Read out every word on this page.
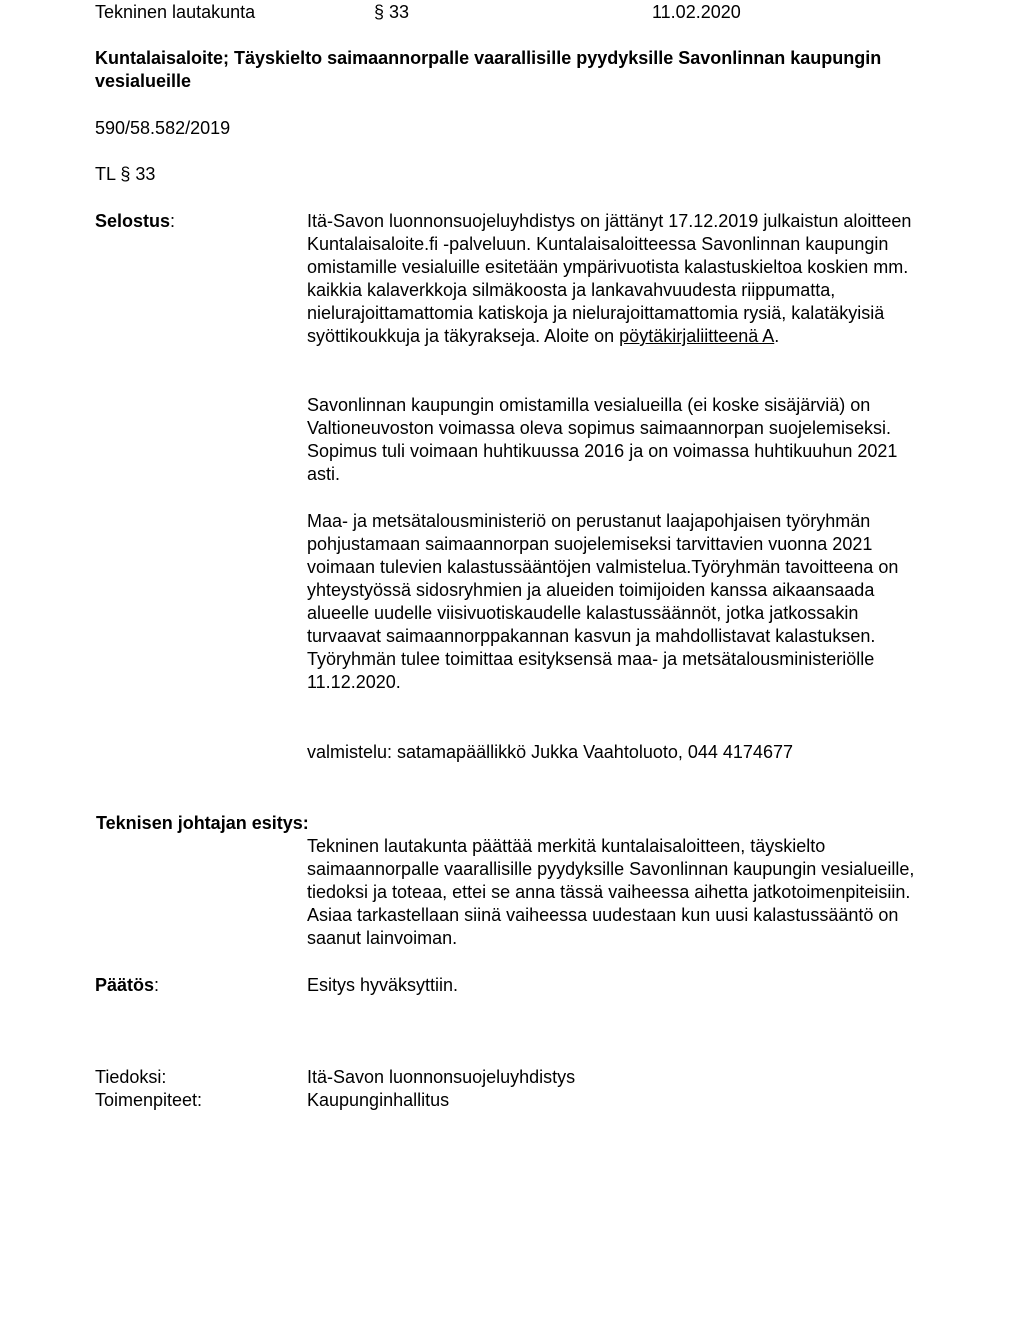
Tekninen lautakunta	§ 33	11.02.2020
Kuntalaisaloite; Täyskielto saimaannorpalle vaarallisille pyydyksille Savonlinnan kaupungin vesialueille

590/58.582/2019

TL § 33

Selostus:	Itä-Savon luonnonsuojeluyhdistys on jättänyt 17.12.2019 julkaistun aloitteen Kuntalaisaloite.fi -palveluun. Kuntalaisaloitteessa Savonlinnan kaupungin omistamille vesialuille esitetään ympärivuotista kalastuskieltoa koskien mm. kaikkia kalaverkkoja silmäkoosta ja lankavahvuudesta riippumatta, nielurajoittamattomia katiskoja ja nielurajoittamattomia rysiä, kalatäkyisiä syöttikoukkuja ja täkyrakseja. Aloite on pöytäkirjaliitteenä A.

Savonlinnan kaupungin omistamilla vesialueilla (ei koske sisäjärviä) on Valtioneuvoston voimassa oleva sopimus saimaannorpan suojelemiseksi. Sopimus tuli voimaan huhtikuussa 2016 ja on voimassa huhtikuuhun 2021 asti.

Maa- ja metsätalousministeriö on perustanut laajapohjaisen työryhmän pohjustamaan saimaannorpan suojelemiseksi tarvittavien vuonna 2021 voimaan tulevien kalastussääntöjen valmistelua.Työryhmän tavoitteena on yhteystyössä sidosryhmien ja alueiden toimijoiden kanssa aikaansaada alueelle uudelle viisivuotiskaudelle kalastussäännöt, jotka jatkossakin turvaavat saimaannorppakannan kasvun ja mahdollistavat kalastuksen. Työryhmän tulee toimittaa esityksensä maa- ja metsätalousministeriölle 11.12.2020.

valmistelu: satamapäällikkö Jukka Vaahtoluoto, 044 4174677

Teknisen johtajan esitys:

Tekninen lautakunta päättää merkitä kuntalaisaloitteen, täyskielto saimaannorpalle vaarallisille pyydyksille Savonlinnan kaupungin vesialueille, tiedoksi ja toteaa, ettei se anna tässä vaiheessa aihetta jatkotoimenpiteisiin. Asiaa tarkastellaan siinä vaiheessa uudestaan kun uusi kalastussääntö on saanut lainvoiman.

Päätös:	Esitys hyväksyttiin.
Tiedoksi:	Itä-Savon luonnonsuojeluyhdistys
Toimenpiteet:	Kaupunginhallitus
